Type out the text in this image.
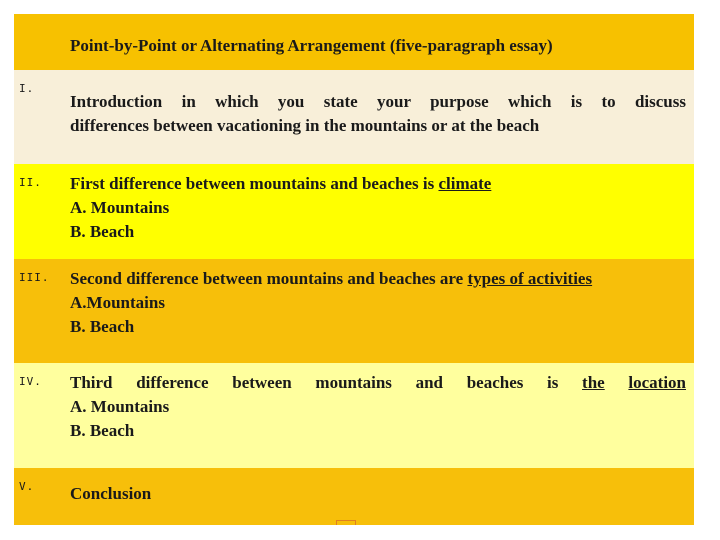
Point-by-Point or Alternating Arrangement (five-paragraph essay)
I.
Introduction in which you state your purpose which is to discuss
differences between vacationing in the mountains or at the beach
II. First difference between mountains and beaches is climate
A. Mountains
B. Beach
III. Second difference between mountains and beaches are types of activities
A.Mountains
B. Beach
IV. Third difference between mountains and beaches is the location
A. Mountains
B. Beach
V. Conclusion
